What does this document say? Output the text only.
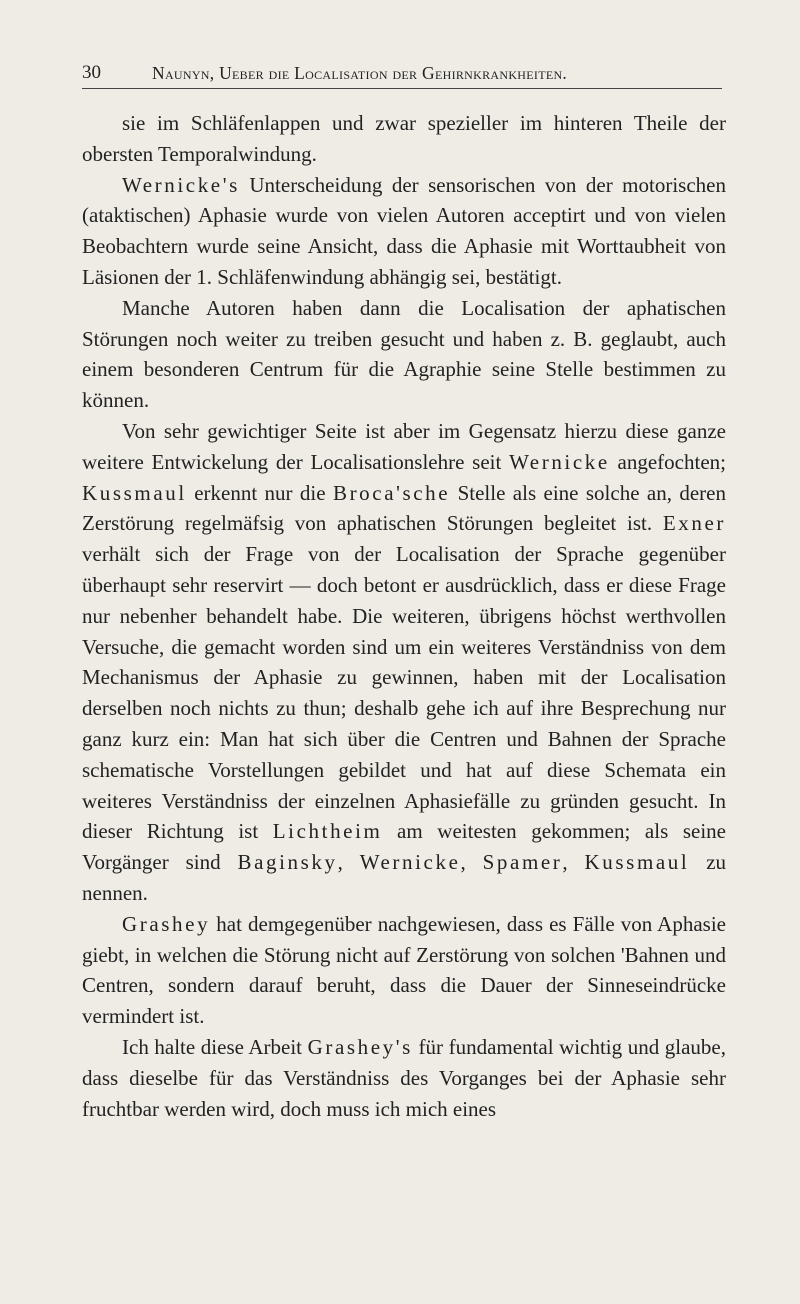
30	Naunyn, Ueber die Localisation der Gehirnkrankheiten.

sie im Schläfenlappen und zwar spezieller im hinteren Theile der obersten Temporalwindung.

Wernicke's Unterscheidung der sensorischen von der motorischen (ataktischen) Aphasie wurde von vielen Autoren acceptirt und von vielen Beobachtern wurde seine Ansicht, dass die Aphasie mit Worttaubheit von Läsionen der 1. Schläfenwindung abhängig sei, bestätigt.

Manche Autoren haben dann die Localisation der aphatischen Störungen noch weiter zu treiben gesucht und haben z. B. geglaubt, auch einem besonderen Centrum für die Agraphie seine Stelle bestimmen zu können.

Von sehr gewichtiger Seite ist aber im Gegensatz hierzu diese ganze weitere Entwickelung der Localisationslehre seit Wernicke angefochten; Kussmaul erkennt nur die Broca'sche Stelle als eine solche an, deren Zerstörung regelmäfsig von aphatischen Störungen begleitet ist. Exner verhält sich der Frage von der Localisation der Sprache gegenüber überhaupt sehr reservirt — doch betont er ausdrücklich, dass er diese Frage nur nebenher behandelt habe. Die weiteren, übrigens höchst werthvollen Versuche, die gemacht worden sind um ein weiteres Verständniss von dem Mechanismus der Aphasie zu gewinnen, haben mit der Localisation derselben noch nichts zu thun; deshalb gehe ich auf ihre Besprechung nur ganz kurz ein: Man hat sich über die Centren und Bahnen der Sprache schematische Vorstellungen gebildet und hat auf diese Schemata ein weiteres Verständniss der einzelnen Aphasiefälle zu gründen gesucht. In dieser Richtung ist Lichtheim am weitesten gekommen; als seine Vorgänger sind Baginsky, Wernicke, Spamer, Kussmaul zu nennen.

Grashey hat demgegenüber nachgewiesen, dass es Fälle von Aphasie giebt, in welchen die Störung nicht auf Zerstörung von solchen 'Bahnen und Centren, sondern darauf beruht, dass die Dauer der Sinneseindrücke vermindert ist.

Ich halte diese Arbeit Grashey's für fundamental wichtig und glaube, dass dieselbe für das Verständniss des Vorganges bei der Aphasie sehr fruchtbar werden wird, doch muss ich mich eines
